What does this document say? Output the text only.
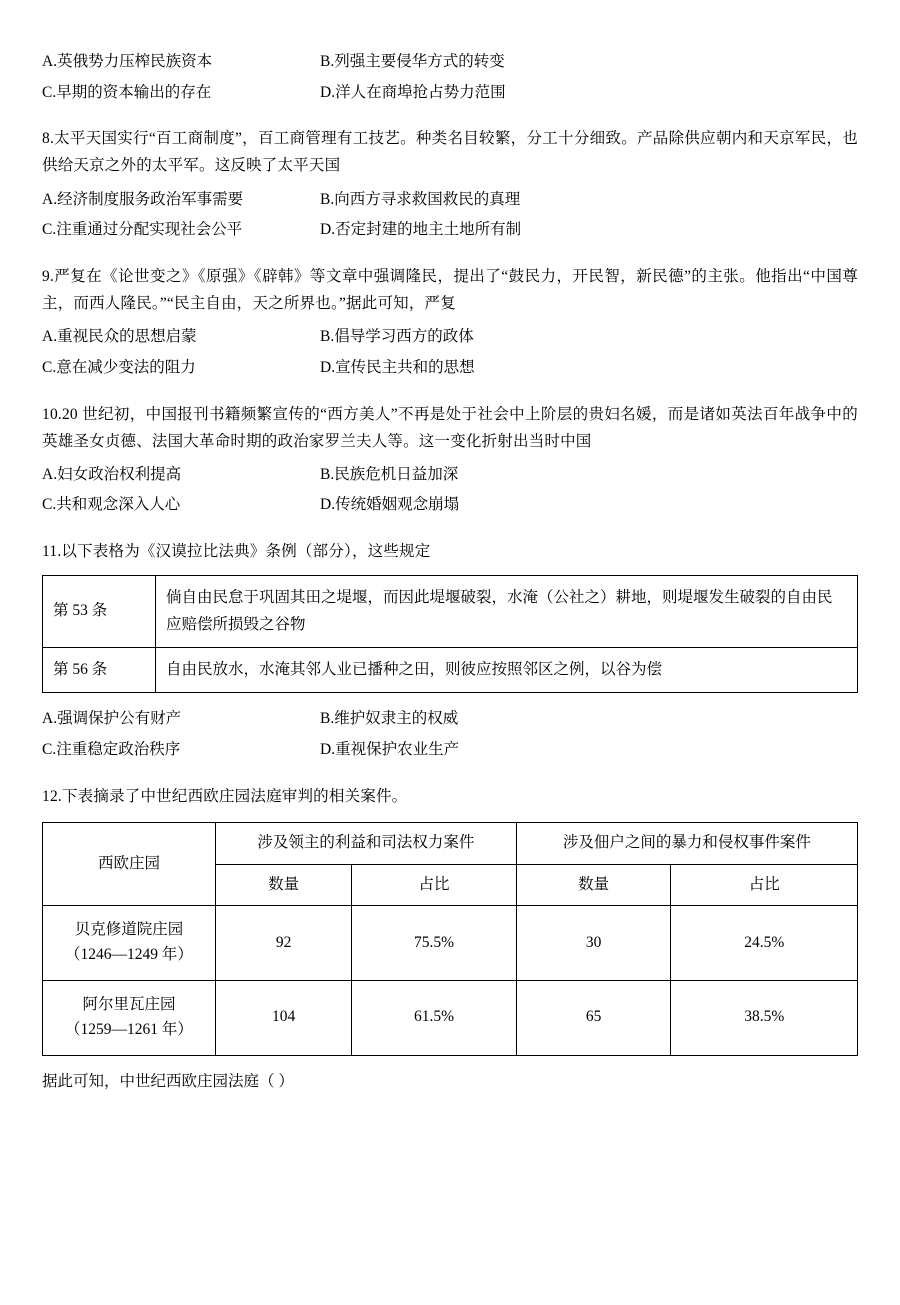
A.英俄势力压榨民族资本	B.列强主要侵华方式的转变
C.早期的资本输出的存在	D.洋人在商埠抢占势力范围

8.太平天国实行“百工商制度”，百工商管理有工技艺。种类名目较繁，分工十分细致。产品除供应朝内和天京军民，也供给天京之外的太平军。这反映了太平天国

A.经济制度服务政治军事需要	B.向西方寻求救国救民的真理
C.注重通过分配实现社会公平	D.否定封建的地主土地所有制

9.严复在《论世变之》《原强》《辟韩》等文章中强调隆民，提出了“鼓民力，开民智，新民德”的主张。他指出“中国尊主，而西人隆民。”“民主自由，天之所界也。”据此可知，严复

A.重视民众的思想启蒙	B.倡导学习西方的政体
C.意在减少变法的阻力	D.宣传民主共和的思想

10.20 世纪初，中国报刊书籍频繁宣传的“西方美人”不再是处于社会中上阶层的贵妇名媛，而是诸如英法百年战争中的英雄圣女贞德、法国大革命时期的政治家罗兰夫人等。这一变化折射出当时中国

A.妇女政治权利提高	B.民族危机日益加深
C.共和观念深入人心	D.传统婚姻观念崩塌

11.以下表格为《汉谟拉比法典》条例（部分），这些规定

第 53 条	倘自由民怠于巩固其田之堤堰，而因此堤堰破裂，水淹（公社之）耕地，则堤堰发生破裂的自由民应赔偿所损毁之谷物
第 56 条	自由民放水，水淹其邻人业已播种之田，则彼应按照邻区之例，以谷为偿
A.强调保护公有财产	B.维护奴隶主的权威
C.注重稳定政治秩序	D.重视保护农业生产

12.下表摘录了中世纪西欧庄园法庭审判的相关案件。

西欧庄园	涉及领主的利益和司法权力案件		涉及佃户之间的暴力和侵权事件案件	
	数量	占比	数量	占比

贝克修道院庄园
（1246—1249 年）	92	75.5%	30	24.5%

阿尔里瓦庄园
（1259—1261 年）	104	61.5%	65	38.5%
据此可知，中世纪西欧庄园法庭（ ）
